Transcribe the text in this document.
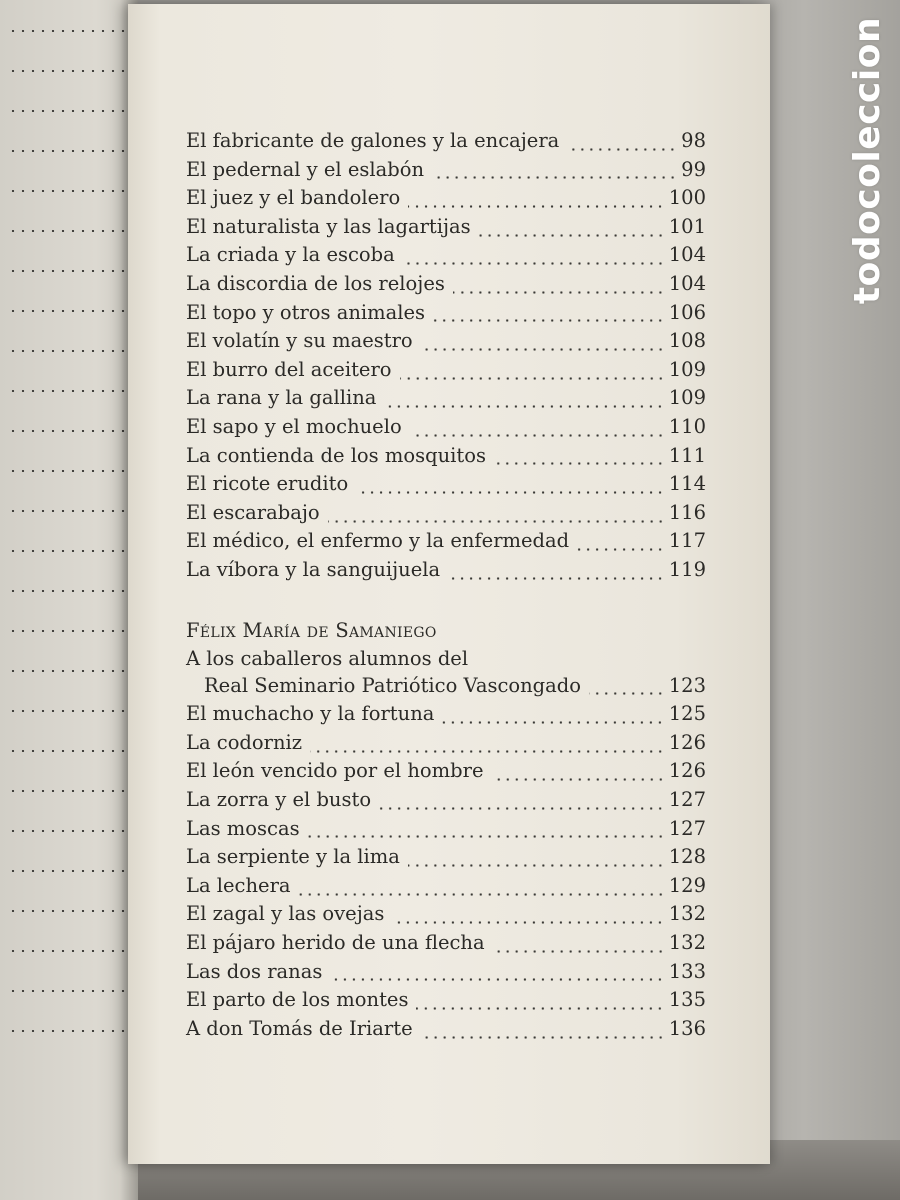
El fabricante de galones y la encajera	98
El pedernal y el eslabón	99
El juez y el bandolero	100
El naturalista y las lagartijas	101
La criada y la escoba	104
La discordia de los relojes	104
El topo y otros animales	106
El volatín y su maestro	108
El burro del aceitero	109
La rana y la gallina	109
El sapo y el mochuelo	110
La contienda de los mosquitos	111
El ricote erudito	114
El escarabajo	116
El médico, el enfermo y la enfermedad	117
La víbora y la sanguijuela	119
Félix María de Samaniego
A los caballeros alumnos del
Real Seminario Patriótico Vascongado	123
El muchacho y la fortuna	125
La codorniz	126
El león vencido por el hombre	126
La zorra y el busto	127
Las moscas	127
La serpiente y la lima	128
La lechera	129
El zagal y las ovejas	132
El pájaro herido de una flecha	132
Las dos ranas	133
El parto de los montes	135
A don Tomás de Iriarte	136
todocoleccion
